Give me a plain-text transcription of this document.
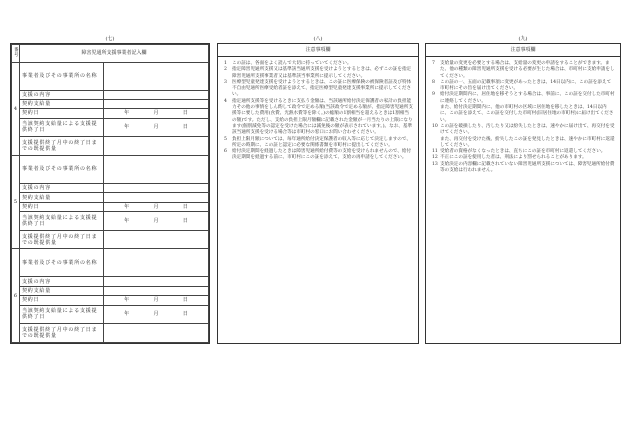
(七)	(八)	(九)
番号	障害児通所支援事業者記入欄	
4	事業者及びその事業所の名称	
	支援の内容	
	契約支給量	
	契約日	年 月 日

	当該契約支給量による支援提供終了日	年 月 日

	支援提供終了月中の終了日までの既提供量	
5	事業者及びその事業所の名称	
	支援の内容	
	契約支給量	
	契約日	年 月 日

	当該契約支給量による支援提供終了日	年 月 日

	支援提供終了月中の終了日までの既提供量	
6	事業者及びその事業所の名称	
	支援の内容	
	契約支給量	
	契約日	年 月 日

	当該契約支給量による支援提供終了日	年 月 日

	支援提供終了月中の終了日までの既提供量	
注意事項欄
1	この証は、各面をよく読んで大切に持っていてください。
2	指定障害児通所支援又は基準該当通所支援を受けようとするときは、必ずこの証を指定障害児通所支援事業者又は基準該当事業所に提示してください。
3	医療型児童発達支援を受けようとするときは、この証に医療保険の被保険者証及び特体不自由児通所医療受給者証を添えて、指定医療型児童発達支援事業所に提示してください。
4	指定通所支援等を受けるときに支払う金額は、当該通所給付決定保護者の家計の負担能力その他の事情をしん酌して政令で定める額(当該政令で定める額が、指定障害児通所支援等に要した費用(食費、光熱水費等を除く。)の総額の1割相当を超えるときは1割相当の額)です。ただし、支給の負担上限月額欄に記載された金額が一月当たりの上限になります(個別減免等の認定を受けた場合には減免後の額が表示されています。)。なお、基準該当通所支援を受ける場合等は市町村の窓口にお問い合わせください。
5	負担上限月額については、毎年通所給付決定保護者の収入等に応じて決定しますので、所定の時期に、この証と認定に必要な関係書類を市町村に提出してください。
6	給付決定期間を経過したときは障害児通所給付費等の支給を受けられませんので、給付決定期間を経過する前に、市町村にこの証を添えて、支給の再申請をしてください。
注意事項欄
7	支給量の変更を必要とする場合は、支給量の変更の申請をすることができます。また、他の種類の障害児通所支援を受ける必要が生じた場合は、市町村に支給申請をしてください。
8	この証の一、五面の記載事項に変更があったときは、14日以内に、この証を添えて市町村にその旨を届け出てください。
9	給付決定期間内に、居住地を移そうとする場合は、事前に、この証を交付した市町村に連絡してください。
また、給付決定期間内に、他の市町村の区域に居住地を移したときは、14日以内に、この証を添えて、この証を交付した市町村(旧居住地の市町村)に届け出てください。
10 この証を破損したり、汚したり又は紛失したときは、速やかに届け出て、再交付を受けてください。
また、再交付を受けた後、紛失したこの証を発見したときは、速やかに市町村に返還してください。
11 受給者の資格がなくなったときは、直ちにこの証を市町村に返還してください。
12 不正にこの証を使用した者は、刑法により罰せられることがあります。
13 支給決定の内容欄に記載されていない障害児通所支援については、障害児通所給付費等の支給は行われません。
